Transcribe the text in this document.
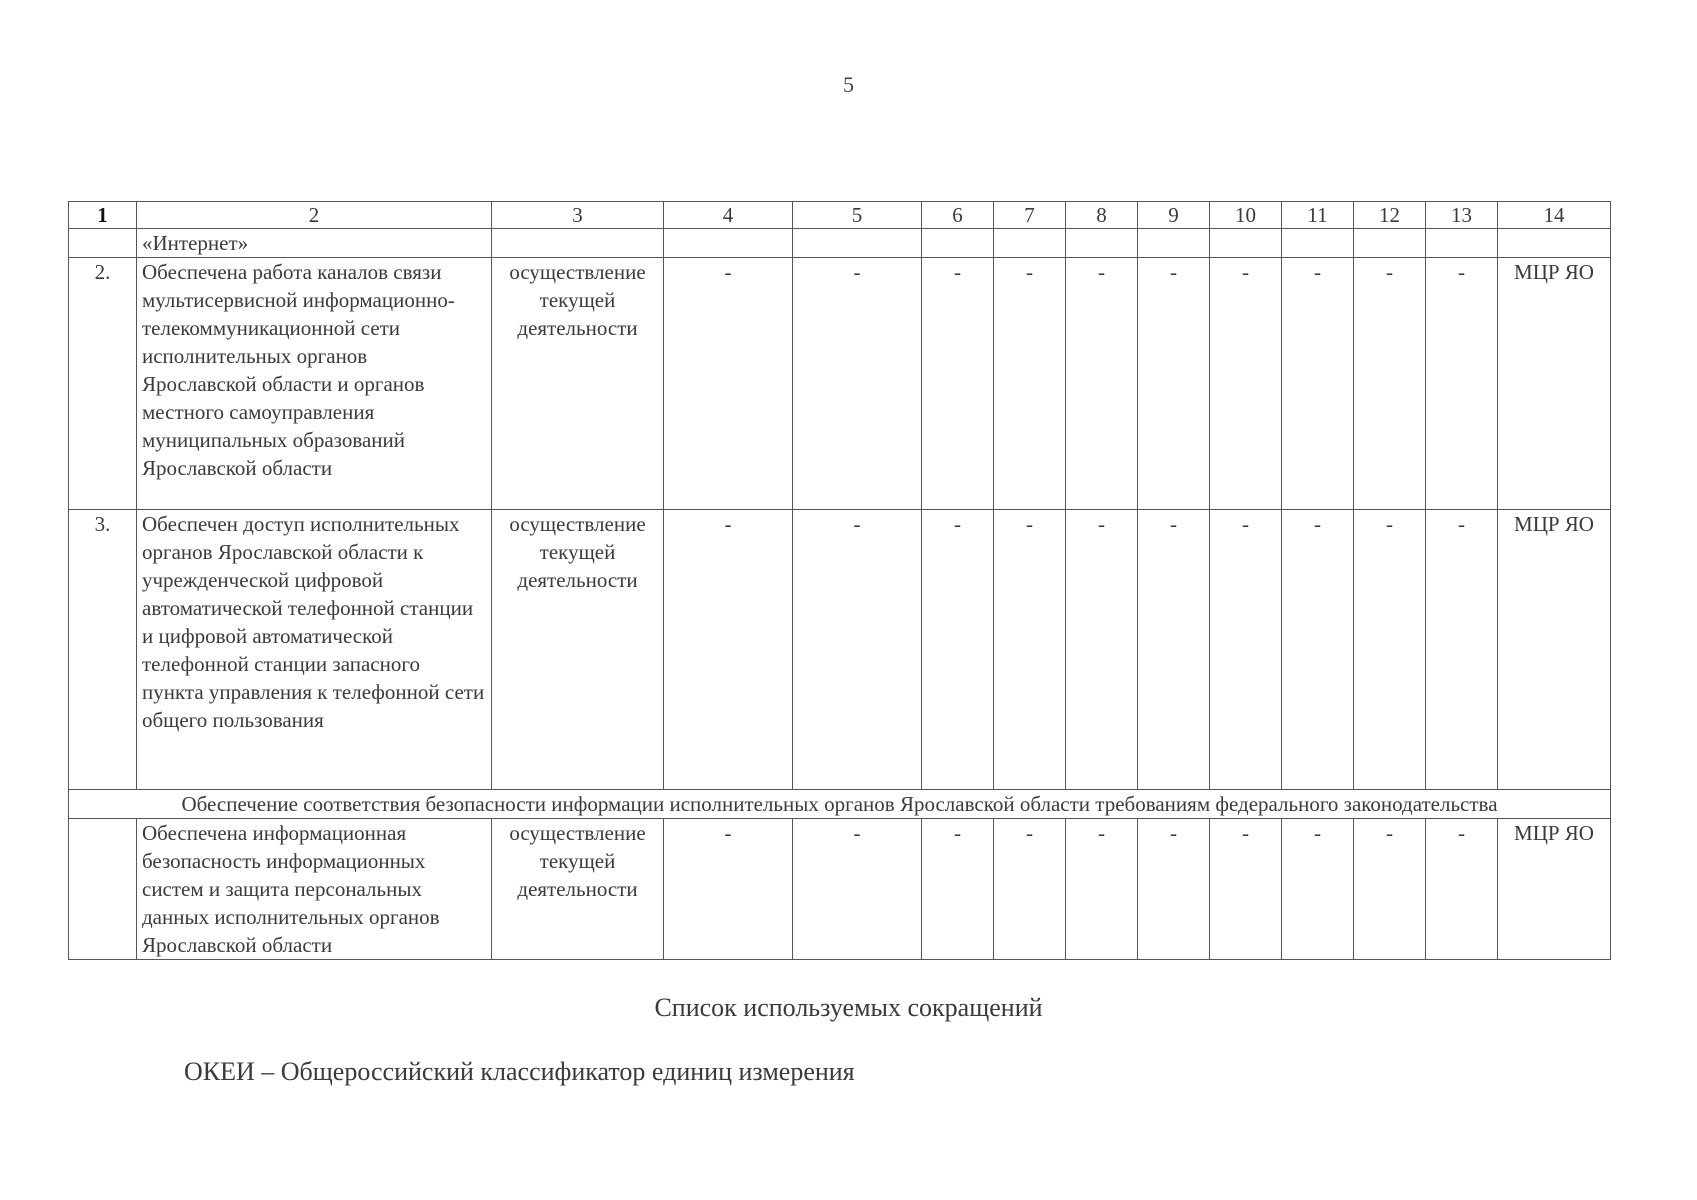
5
1	2	3	4	5	6	7	8	9	10	11	12	13	14
	«Интернет»												
2.	Обеспечена работа каналов связи мультисервисной информационно-телекоммуникационной сети исполнительных органов Ярославской области и органов местного самоуправления муниципальных образований Ярославской области	осуществление текущей деятельности	-	-	-	-	-	-	-	-	-	-	МЦР ЯО
3.	Обеспечен доступ исполнительных органов Ярославской области к учрежденческой цифровой автоматической телефонной станции и цифровой автоматической телефонной станции запасного пункта управления к телефонной сети общего пользования	осуществление текущей деятельности	-	-	-	-	-	-	-	-	-	-	МЦР ЯО
Обеспечение соответствия безопасности информации исполнительных органов Ярославской области требованиям федерального законодательства													
	Обеспечена информационная безопасность информационных систем и защита персональных данных исполнительных органов Ярославской области	осуществление текущей деятельности	-	-	-	-	-	-	-	-	-	-	МЦР ЯО
Список используемых сокращений
ОКЕИ – Общероссийский классификатор единиц измерения
